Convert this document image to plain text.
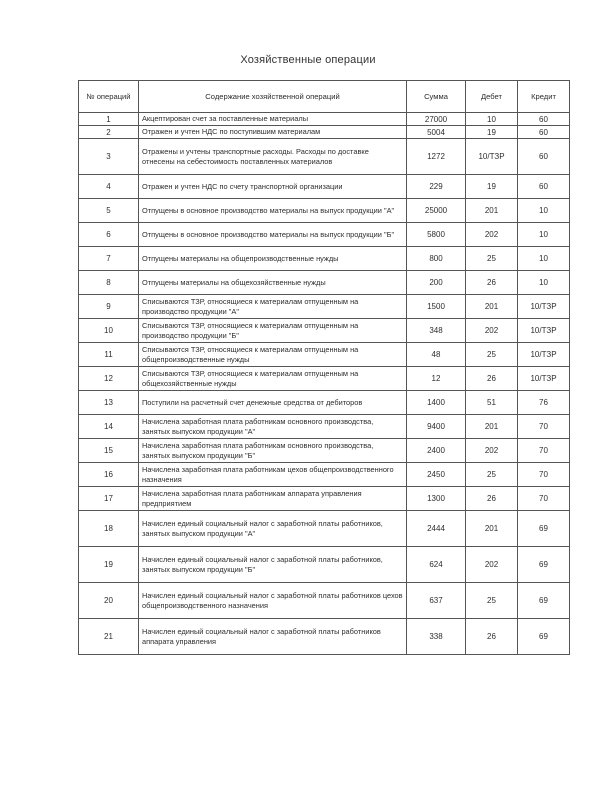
Хозяйственные операции
№ операций	Содержание хозяйственной операций	Сумма	Дебет	Кредит
1	Акцептирован счет за поставленные материалы	27000	10	60
2	Отражен и учтен НДС по поступившим материалам	5004	19	60
3	Отражены и учтены транспортные расходы. Расходы по доставке отнесены на себестоимость поставленных материалов	1272	10/ТЗР	60
4	Отражен и учтен НДС по счету транспортной организации	229	19	60
5	Отпущены в основное производство материалы на выпуск продукции "А"	25000	201	10
6	Отпущены в основное производство материалы на выпуск продукции "Б"	5800	202	10
7	Отпущены материалы на общепроизводственные нужды	800	25	10
8	Отпущены материалы на общехозяйственные нужды	200	26	10
9	Списываются ТЗР, относящиеся к материалам отпущенным на производство продукции "А"	1500	201	10/ТЗР
10	Списываются ТЗР, относящиеся к материалам отпущенным на производство продукции "Б"	348	202	10/ТЗР
11	Списываются ТЗР, относящиеся к материалам отпущенным на общепроизводственные нужды	48	25	10/ТЗР
12	Списываются ТЗР, относящиеся к материалам отпущенным на общехозяйственные нужды	12	26	10/ТЗР
13	Поступили на расчетный счет денежные средства от дебиторов	1400	51	76
14	Начислена заработная плата работникам основного производства, занятых выпуском продукции "А"	9400	201	70
15	Начислена заработная плата работникам основного производства, занятых выпуском продукции "Б"	2400	202	70
16	Начислена заработная плата работникам цехов общепроизводственного назначения	2450	25	70
17	Начислена заработная плата работникам аппарата управления предприятием	1300	26	70
18	Начислен единый социальный налог с заработной платы работников, занятых выпуском продукции "А"	2444	201	69
19	Начислен единый социальный налог с заработной платы работников, занятых выпуском продукции "Б"	624	202	69
20	Начислен единый социальный налог с заработной платы работников цехов общепроизводственного назначения	637	25	69
21	Начислен единый социальный налог с заработной платы работников аппарата управления	338	26	69
